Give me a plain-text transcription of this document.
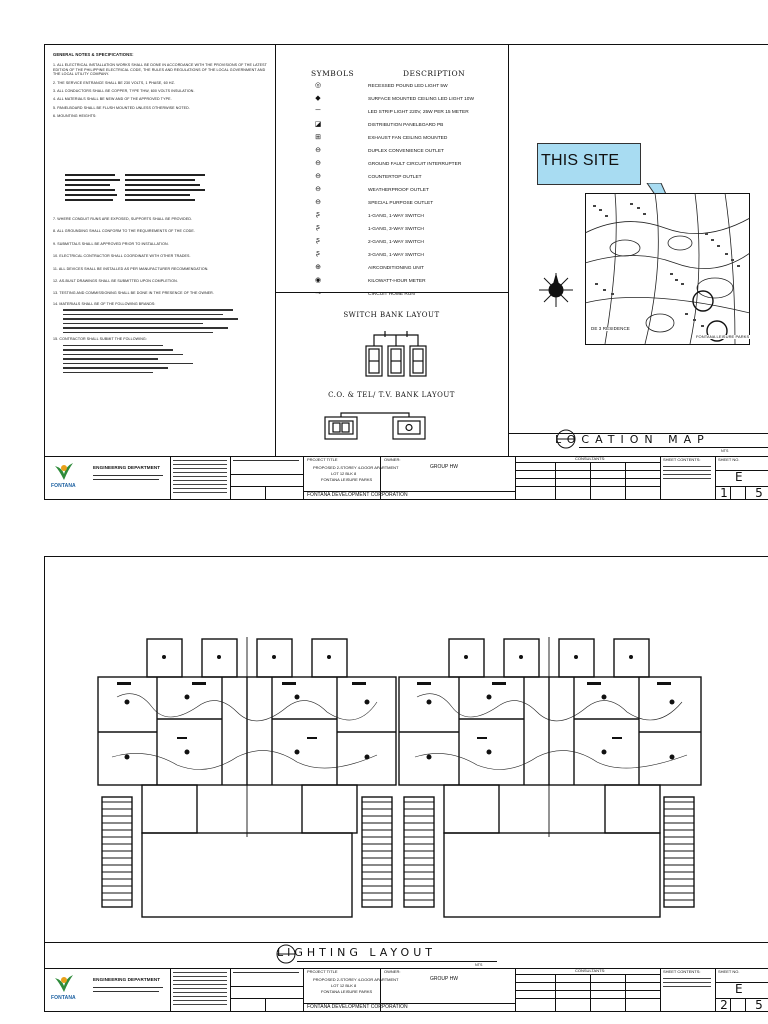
GENERAL NOTES & SPECIFICATIONS:
1. ALL ELECTRICAL INSTALLATION WORKS SHALL BE DONE IN ACCORDANCE WITH THE PROVISIONS OF THE LATEST EDITION OF THE PHILIPPINE ELECTRICAL CODE, THE RULES AND REGULATIONS OF THE LOCAL GOVERNMENT AND THE LOCAL UTILITY COMPANY.
2. THE SERVICE ENTRANCE SHALL BE 230 VOLTS, 1 PHASE, 60 HZ.
3. ALL CONDUCTORS SHALL BE COPPER, TYPE THW, 600 VOLTS INSULATION.
4. ALL MATERIALS SHALL BE NEW AND OF THE APPROVED TYPE.
5. PANELBOARD SHALL BE FLUSH MOUNTED UNLESS OTHERWISE NOTED.
6. MOUNTING HEIGHTS:
7. WHERE CONDUIT RUNS ARE EXPOSED, SUPPORTS SHALL BE PROVIDED.
8. ALL GROUNDING SHALL CONFORM TO THE REQUIREMENTS OF THE CODE.
9. SUBMITTALS SHALL BE APPROVED PRIOR TO INSTALLATION.
10. ELECTRICAL CONTRACTOR SHALL COORDINATE WITH OTHER TRADES.
11. ALL DEVICES SHALL BE INSTALLED AS PER MANUFACTURER RECOMMENDATION.
12. AS-BUILT DRAWINGS SHALL BE SUBMITTED UPON COMPLETION.
13. TESTING AND COMMISSIONING SHALL BE DONE IN THE PRESENCE OF THE OWNER.
14. MATERIALS SHALL BE OF THE FOLLOWING BRANDS:
15. CONTRACTOR SHALL SUBMIT THE FOLLOWING:
SYMBOLS	DESCRIPTION
◎	RECESSED POUND LED LIGHT 5W
◆	SURFACE MOUNTED CEILING LED LIGHT 10W
─	LED STRIP LIGHT 220V, 25W PER 15 METER
◪	DISTRIBUTION PANELBOARD PB
⊞	EXHAUST FAN CEILING MOUNTED
⊖	DUPLEX CONVENIENCE OUTLET
⊖	GROUND FAULT CIRCUIT INTERRUPTER
⊖	COUNTERTOP OUTLET
⊖	WEATHERPROOF OUTLET
⊖	SPECIAL PURPOSE OUTLET
ʂ	1-GANG, 1-WAY SWITCH
ʂ	1-GANG, 3-WAY SWITCH
ʂ	2-GANG, 1-WAY SWITCH
ʂ	3-GANG, 1-WAY SWITCH
⊕	AIRCONDITIONING UNIT
◉	KILOWATT-HOUR METER
⊸	CIRCUIT HOME RUN
SWITCH BANK LAYOUT
C.O. & TEL/ T.V. BANK LAYOUT
THIS SITE
DE 3 RESIDENCE
FONTANA LEISURE PARKS
LOCATION MAP
NTS
FONTANA
ENGINEERING DEPARTMENT
PROJECT TITLE
PROPOSED 2-STOREY 4-DOOR APARTMENT
LOT 12 BLK 8
FONTANA LEISURE PARKS
OWNER:
GROUP HW
FONTANA DEVELOPMENT CORPORATION
CONSULTANTS:	SHEET CONTENTS:	SHEET NO.
E
1	5
LIGHTING LAYOUT
NTS
FONTANA
ENGINEERING DEPARTMENT
PROJECT TITLE
PROPOSED 2-STOREY 4-DOOR APARTMENT
LOT 12 BLK 8
FONTANA LEISURE PARKS
OWNER:
GROUP HW
FONTANA DEVELOPMENT CORPORATION
CONSULTANTS:	SHEET CONTENTS:	SHEET NO.
E
2	5
